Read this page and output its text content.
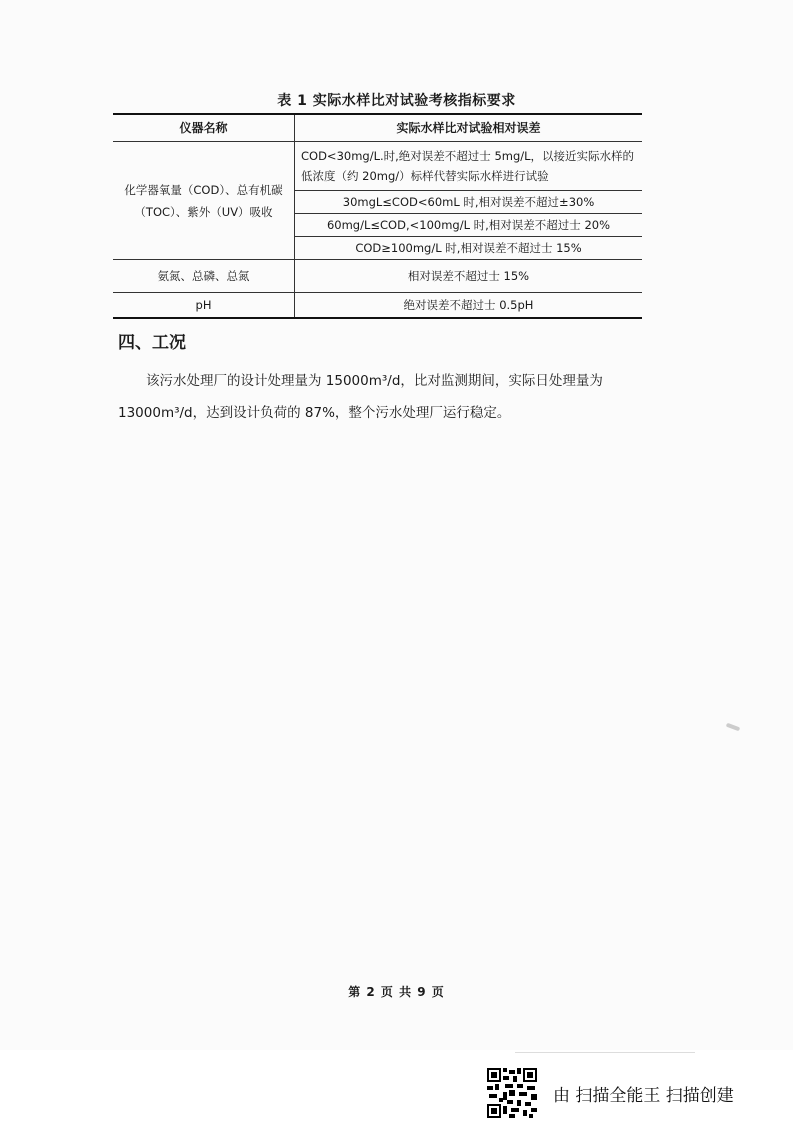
表 1 实际水样比对试验考核指标要求
仪器名称	实际水样比对试验相对误差
化学器氧量（COD）、总有机碳（TOC）、紫外（UV）吸收	COD<30mg/L.时,绝对误差不超过士 5mg/L，以接近实际水样的低浓度（约 20mg/）标样代替实际水样进行试验
	30mgL≤COD<60mL 时,相对误差不超过±30%
	60mg/L≤COD,<100mg/L 时,相对误差不超过士 20%
	COD≥100mg/L 时,相对误差不超过士 15%
氨氮、总磷、总氮	相对误差不超过士 15%
pH	绝对误差不超过士 0.5pH
四、工况
该污水处理厂的设计处理量为 15000m³/d，比对监测期间，实际日处理量为 13000m³/d，达到设计负荷的 87%，整个污水处理厂运行稳定。
第 2 页 共 9 页
由 扫描全能王 扫描创建
